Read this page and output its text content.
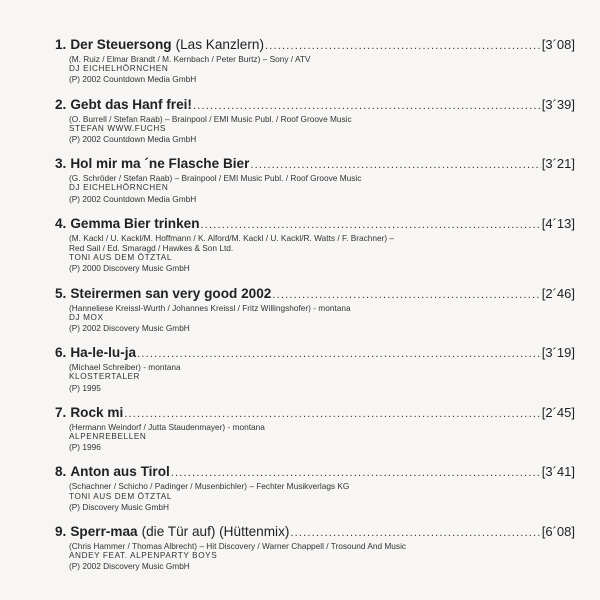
1. Der Steuersong (Las Kanzlern) .....	[3´08]
(M. Ruiz / Elmar Brandt / M. Kernbach / Peter Burtz) – Sony / ATV
DJ EICHELHÖRNCHEN
(P) 2002 Countdown Media GmbH
2. Gebt das Hanf frei! .....	[3´39]
(O. Burrell / Stefan Raab) – Brainpool / EMI Music Publ. / Roof Groove Music
STEFAN WWW.FUCHS
(P) 2002 Countdown Media GmbH
3. Hol mir ma ´ne Flasche Bier .....	[3´21]
(G. Schröder / Stefan Raab) – Brainpool / EMI Music Publ. / Roof Groove Music
DJ EICHELHÖRNCHEN
(P) 2002 Countdown Media GmbH
4. Gemma Bier trinken .....	[4´13]
(M. Kackl / U. Kackl/M. Hoffmann / K. Alford/M. Kackl / U. Kackl/R. Watts / F. Brachner) –
Red Sail / Ed. Smaragd / Hawkes & Son Ltd.
TONI AUS DEM ÖTZTAL
(P) 2000 Discovery Music GmbH
5. Steirermen san very good 2002 .....	[2´46]
(Hanneliese Kreissl-Wurth / Johannes Kreissl / Fritz Willingshofer) - montana
DJ MOX
(P) 2002 Discovery Music GmbH
6. Ha-le-lu-ja .....	[3´19]
(Michael Schreiber) - montana
KLOSTERTALER
(P) 1995
7. Rock mi .....	[2´45]
(Hermann Weindorf / Jutta Staudenmayer) - montana
ALPENREBELLEN
(P) 1996
8. Anton aus Tirol .....	[3´41]
(Schachner / Schicho / Padinger / Musenbichler) – Fechter Musikverlags KG
TONI AUS DEM ÖTZTAL
(P) Discovery Music GmbH
9. Sperr-maa (die Tür auf) (Hüttenmix) .....	[6´08]
(Chris Hammer / Thomas Albrecht) – Hit Discovery / Warner Chappell / Trosound And Music
ANDEY FEAT. ALPENPARTY BOYS
(P) 2002 Discovery Music GmbH
